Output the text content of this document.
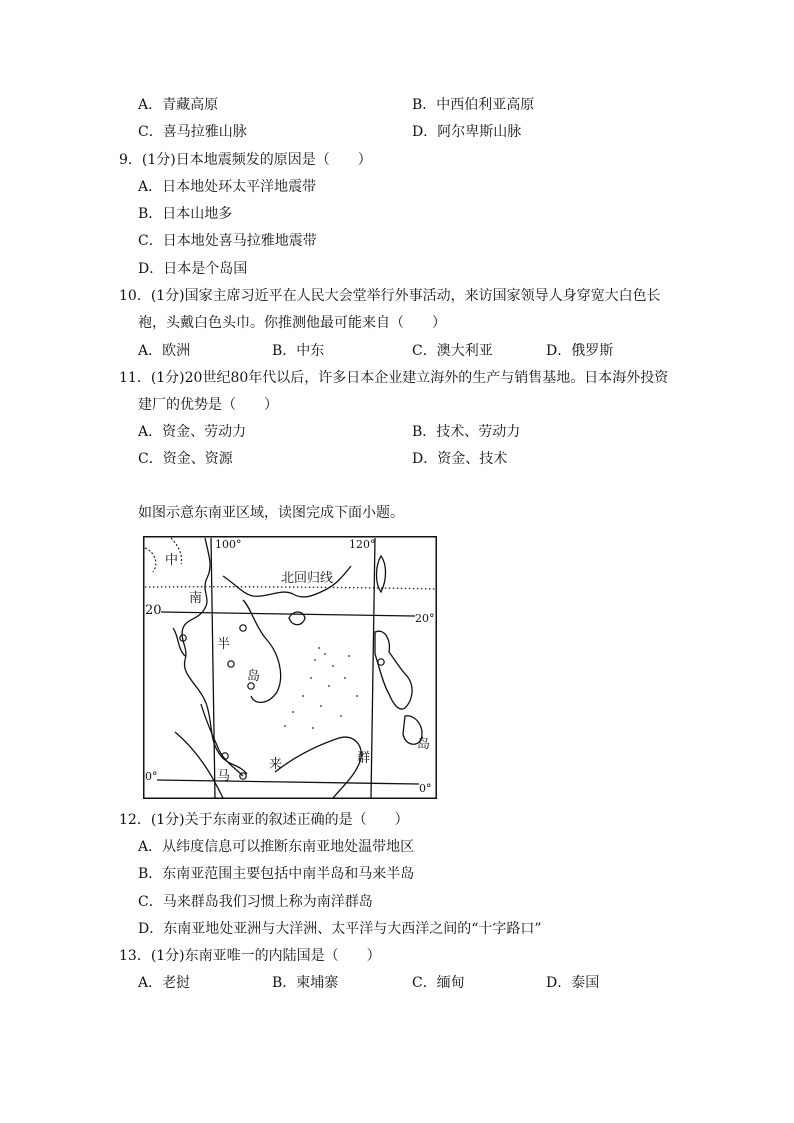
A．青藏高原	B．中西伯利亚高原
C．喜马拉雅山脉	D．阿尔卑斯山脉
9．(1分)日本地震频发的原因是（　　）
A．日本地处环太平洋地震带
B．日本山地多
C．日本地处喜马拉雅地震带
D．日本是个岛国
10．(1分)国家主席习近平在人民大会堂举行外事活动，来访国家领导人身穿宽大白色长
袍，头戴白色头巾。你推测他最可能来自（　　）
A．欧洲	B．中东	C．澳大利亚	D．俄罗斯
11．(1分)20世纪80年代以后，许多日本企业建立海外的生产与销售基地。日本海外投资
建厂的优势是（　　）
A．资金、劳动力	B．技术、劳动力
C．资金、资源	D．资金、技术
如图示意东南亚区域，读图完成下面小题。
中
南
半
岛
马
来	群
岛
100°	120°
北回归线
20
20°
0°
0°
12．(1分)关于东南亚的叙述正确的是（　　）
A．从纬度信息可以推断东南亚地处温带地区
B．东南亚范围主要包括中南半岛和马来半岛
C．马来群岛我们习惯上称为南洋群岛
D．东南亚地处亚洲与大洋洲、太平洋与大西洋之间的“十字路口”
13．(1分)东南亚唯一的内陆国是（　　）
A．老挝	B．柬埔寨	C．缅甸	D．泰国
